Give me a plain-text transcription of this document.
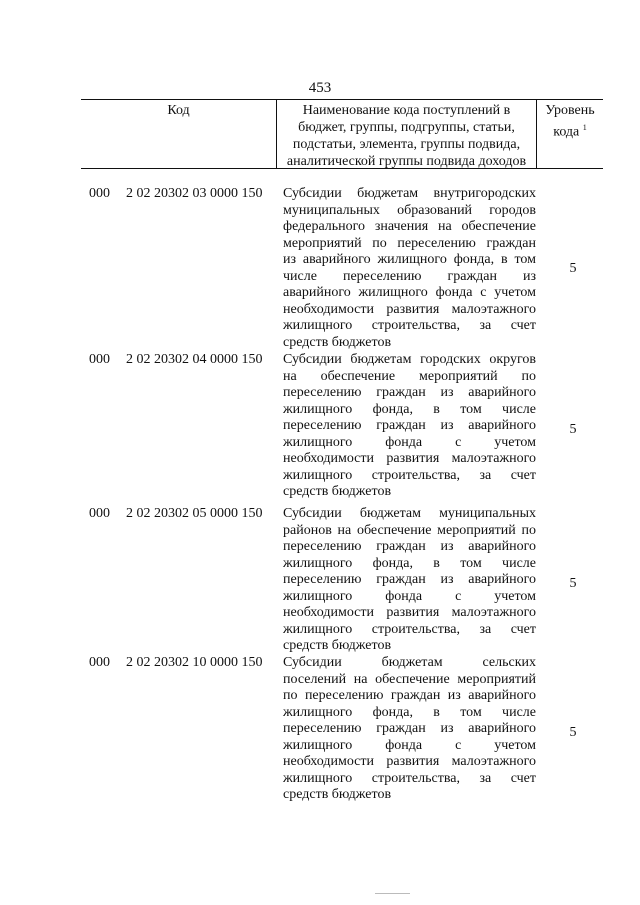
453
Код	Наименование кода поступлений в
бюджет, группы, подгруппы, статьи,
подстатьи, элемента, группы подвида,
аналитической группы подвида доходов
Уровень
кода $^1$
000 2 02 20302 03 0000 150 Субсидии бюджетам внутригородских
муниципальных образований городов
федерального значения на обеспечение
мероприятий по переселению граждан
из аварийного жилищного фонда, в том
числе переселению граждан из
аварийного жилищного фонда с учетом
необходимости развития малоэтажного
жилищного строительства, за счет
средств бюджетов
5
000 2 02 20302 04 0000 150 Субсидии бюджетам городских округов
на обеспечение мероприятий по
переселению граждан из аварийного
жилищного фонда, в том числе
переселению граждан из аварийного
жилищного фонда с учетом
необходимости развития малоэтажного
жилищного строительства, за счет
средств бюджетов
5
000 2 02 20302 05 0000 150 Субсидии бюджетам муниципальных
районов на обеспечение мероприятий по
переселению граждан из аварийного
жилищного фонда, в том числе
переселению граждан из аварийного
жилищного фонда с учетом
необходимости развития малоэтажного
жилищного строительства, за счет
средств бюджетов
5
000 2 02 20302 10 0000 150 Субсидии бюджетам сельских
поселений на обеспечение мероприятий
по переселению граждан из аварийного
жилищного фонда, в том числе
переселению граждан из аварийного
жилищного фонда с учетом
необходимости развития малоэтажного
жилищного строительства, за счет
средств бюджетов
5
